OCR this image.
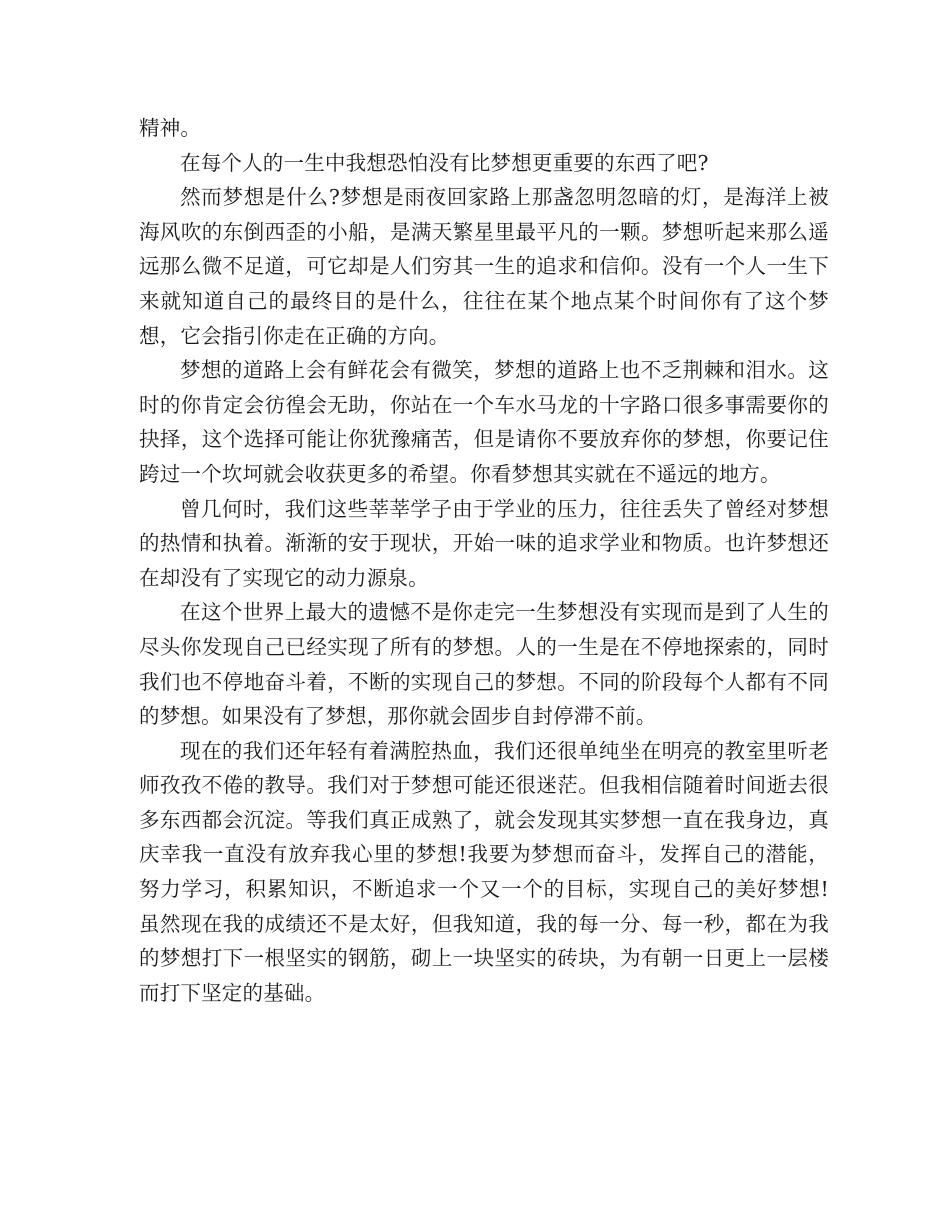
精神。

在每个人的一生中我想恐怕没有比梦想更重要的东西了吧?

然而梦想是什么?梦想是雨夜回家路上那盏忽明忽暗的灯，是海洋上被海风吹的东倒西歪的小船，是满天繁星里最平凡的一颗。梦想听起来那么遥远那么微不足道，可它却是人们穷其一生的追求和信仰。没有一个人一生下来就知道自己的最终目的是什么，往往在某个地点某个时间你有了这个梦想，它会指引你走在正确的方向。

梦想的道路上会有鲜花会有微笑，梦想的道路上也不乏荆棘和泪水。这时的你肯定会彷徨会无助，你站在一个车水马龙的十字路口很多事需要你的抉择，这个选择可能让你犹豫痛苦，但是请你不要放弃你的梦想，你要记住跨过一个坎坷就会收获更多的希望。你看梦想其实就在不遥远的地方。

曾几何时，我们这些莘莘学子由于学业的压力，往往丢失了曾经对梦想的热情和执着。渐渐的安于现状，开始一味的追求学业和物质。也许梦想还在却没有了实现它的动力源泉。

在这个世界上最大的遗憾不是你走完一生梦想没有实现而是到了人生的尽头你发现自己已经实现了所有的梦想。人的一生是在不停地探索的，同时我们也不停地奋斗着，不断的实现自己的梦想。不同的阶段每个人都有不同的梦想。如果没有了梦想，那你就会固步自封停滞不前。

现在的我们还年轻有着满腔热血，我们还很单纯坐在明亮的教室里听老师孜孜不倦的教导。我们对于梦想可能还很迷茫。但我相信随着时间逝去很多东西都会沉淀。等我们真正成熟了，就会发现其实梦想一直在我身边，真庆幸我一直没有放弃我心里的梦想!我要为梦想而奋斗，发挥自己的潜能，努力学习，积累知识，不断追求一个又一个的目标，实现自己的美好梦想!虽然现在我的成绩还不是太好，但我知道，我的每一分、每一秒，都在为我的梦想打下一根坚实的钢筋，砌上一块坚实的砖块，为有朝一日更上一层楼而打下坚定的基础。
